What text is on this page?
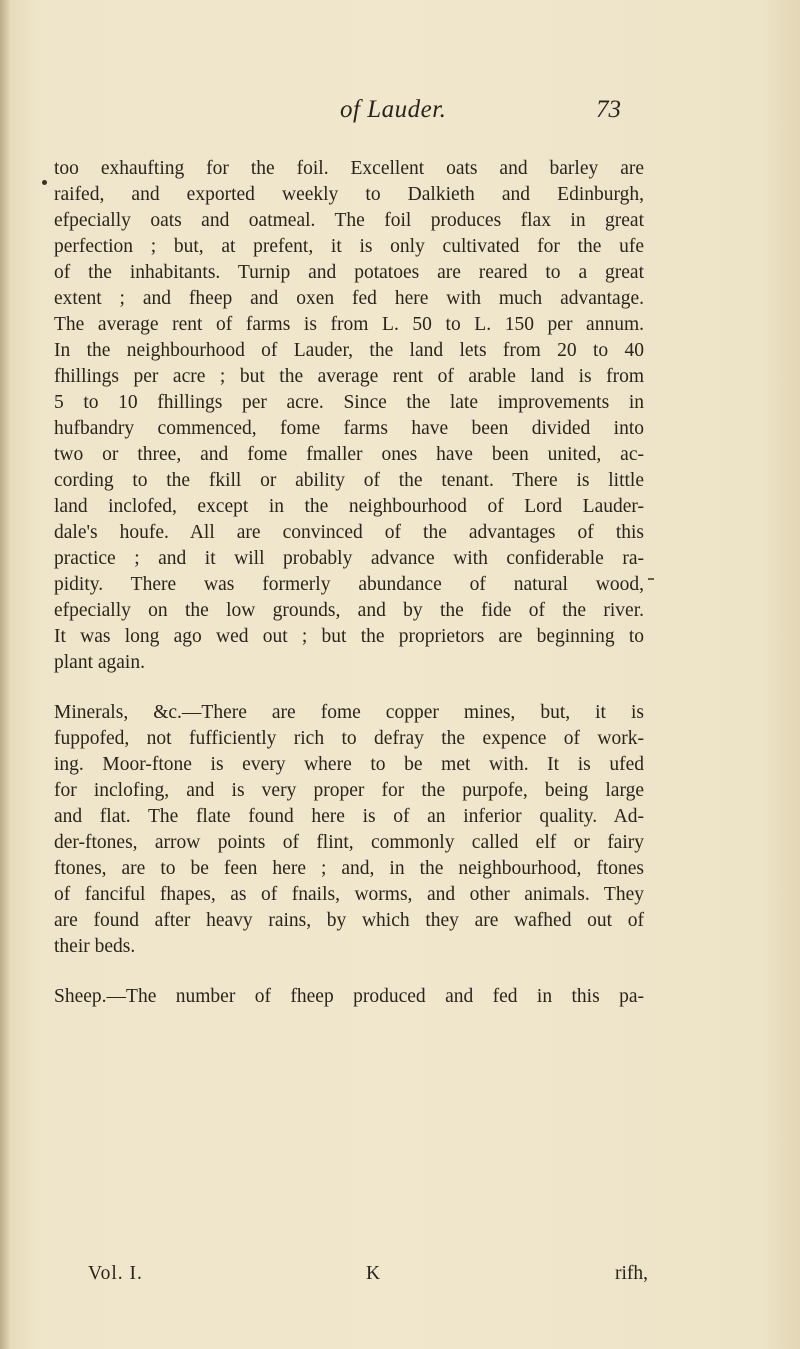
of Lauder.	73
too exhaufting for the foil. Excellent oats and barley are
raifed, and exported weekly to Dalkieth and Edinburgh,
efpecially oats and oatmeal. The foil produces flax in great
perfection ; but, at prefent, it is only cultivated for the ufe
of the inhabitants. Turnip and potatoes are reared to a great
extent ; and fheep and oxen fed here with much advantage.
The average rent of farms is from L. 50 to L. 150 per annum.
In the neighbourhood of Lauder, the land lets from 20 to 40
fhillings per acre ; but the average rent of arable land is from
5 to 10 fhillings per acre. Since the late improvements in
hufbandry commenced, fome farms have been divided into
two or three, and fome fmaller ones have been united, ac-
cording to the fkill or ability of the tenant. There is little
land inclofed, except in the neighbourhood of Lord Lauder-
dale's houfe. All are convinced of the advantages of this
practice ; and it will probably advance with confiderable ra-
pidity. There was formerly abundance of natural wood,
efpecially on the low grounds, and by the fide of the river.
It was long ago wed out ; but the proprietors are beginning to
plant again.
Minerals, &c.—There are fome copper mines, but, it is
fuppofed, not fufficiently rich to defray the expence of work-
ing. Moor-ftone is every where to be met with. It is ufed
for inclofing, and is very proper for the purpofe, being large
and flat. The flate found here is of an inferior quality. Ad-
der-ftones, arrow points of flint, commonly called elf or fairy
ftones, are to be feen here ; and, in the neighbourhood, ftones
of fanciful fhapes, as of fnails, worms, and other animals. They
are found after heavy rains, by which they are wafhed out of
their beds.
Sheep.—The number of fheep produced and fed in this pa-
Vol. I.	K	rifh,
